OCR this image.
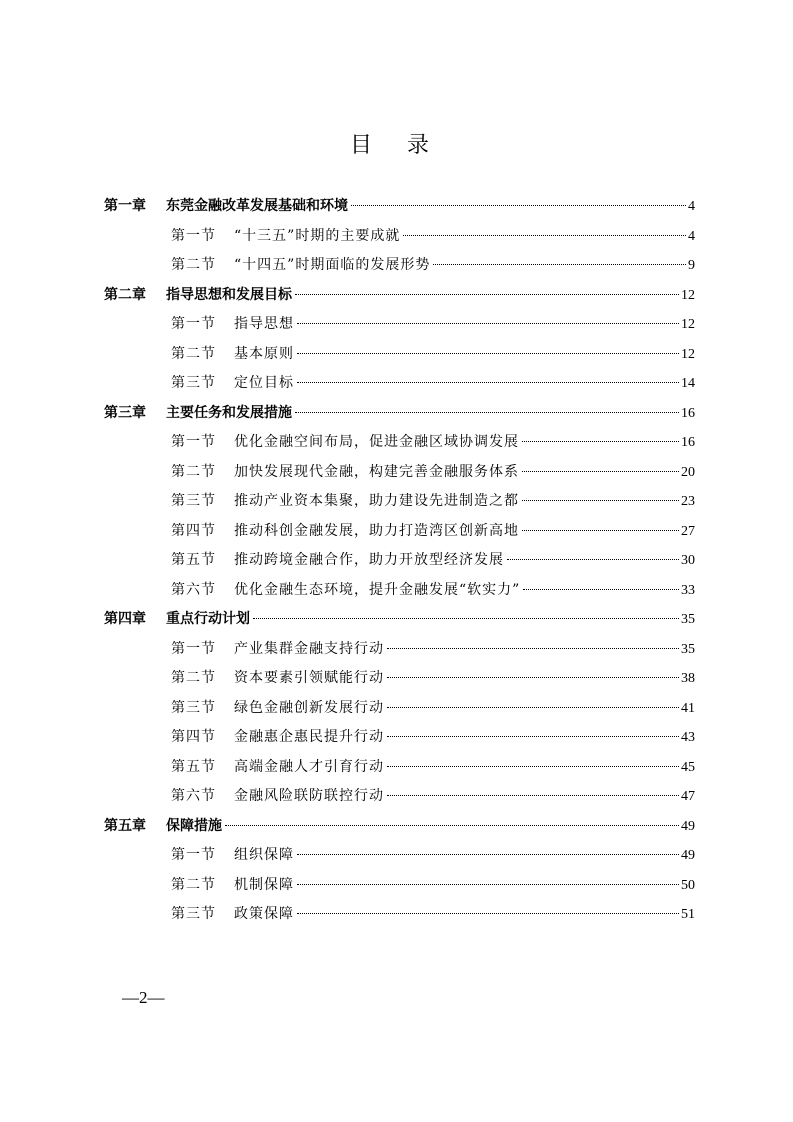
目 录
第一章	东莞金融改革发展基础和环境	4
第一节	“十三五”时期的主要成就	4
第二节	“十四五”时期面临的发展形势	9
第二章	指导思想和发展目标	12
第一节	指导思想	12
第二节	基本原则	12
第三节	定位目标	14
第三章	主要任务和发展措施	16
第一节	优化金融空间布局，促进金融区域协调发展	16
第二节	加快发展现代金融，构建完善金融服务体系	20
第三节	推动产业资本集聚，助力建设先进制造之都	23
第四节	推动科创金融发展，助力打造湾区创新高地	27
第五节	推动跨境金融合作，助力开放型经济发展	30
第六节	优化金融生态环境，提升金融发展“软实力”	33
第四章	重点行动计划	35
第一节	产业集群金融支持行动	35
第二节	资本要素引领赋能行动	38
第三节	绿色金融创新发展行动	41
第四节	金融惠企惠民提升行动	43
第五节	高端金融人才引育行动	45
第六节	金融风险联防联控行动	47
第五章	保障措施	49
第一节	组织保障	49
第二节	机制保障	50
第三节	政策保障	51
—2—
